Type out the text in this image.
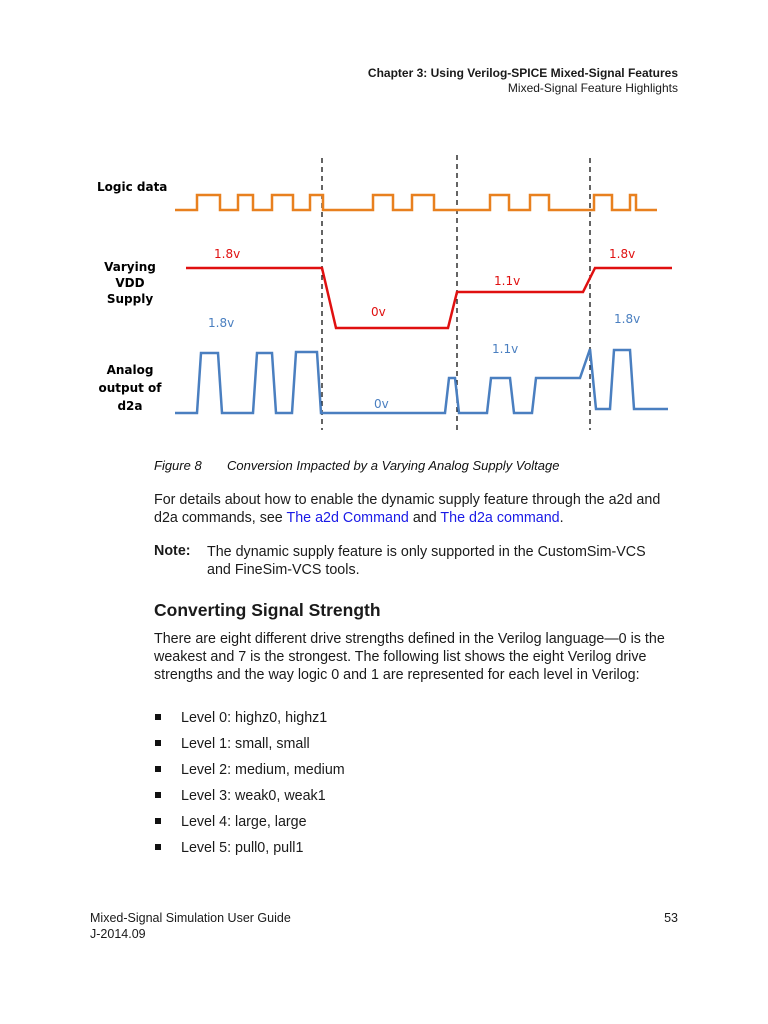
Chapter 3: Using Verilog-SPICE Mixed-Signal Features
Mixed-Signal Feature Highlights
Logic data
Varying
VDD
Supply
Analog
output of
d2a
1.8v
0v
1.1v
1.8v
1.8v
0v
1.1v
1.8v
Figure 8 Conversion Impacted by a Varying Analog Supply Voltage
For details about how to enable the dynamic supply feature through the a2d and d2a commands, see The a2d Command and The d2a command.
Note: The dynamic supply feature is only supported in the CustomSim-VCS and FineSim-VCS tools.
Converting Signal Strength
There are eight different drive strengths defined in the Verilog language—0 is the weakest and 7 is the strongest. The following list shows the eight Verilog drive strengths and the way logic 0 and 1 are represented for each level in Verilog:
Level 0: highz0, highz1
Level 1: small, small
Level 2: medium, medium
Level 3: weak0, weak1
Level 4: large, large
Level 5: pull0, pull1
Mixed-Signal Simulation User Guide
J-2014.09
53
